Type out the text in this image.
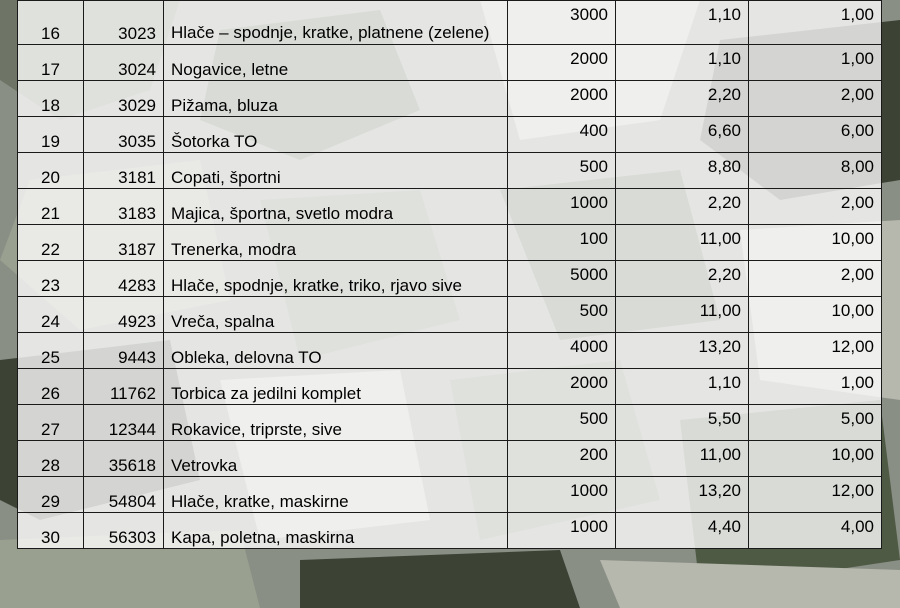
16	3023	Hlače – spodnje, kratke, platnene (zelene)	3000	1,10	1,00
17	3024	Nogavice, letne	2000	1,10	1,00
18	3029	Pižama, bluza	2000	2,20	2,00
19	3035	Šotorka TO	400	6,60	6,00
20	3181	Copati, športni	500	8,80	8,00
21	3183	Majica, športna, svetlo modra	1000	2,20	2,00
22	3187	Trenerka, modra	100	11,00	10,00
23	4283	Hlače, spodnje, kratke, triko, rjavo sive	5000	2,20	2,00
24	4923	Vreča, spalna	500	11,00	10,00
25	9443	Obleka, delovna TO	4000	13,20	12,00
26	11762	Torbica za jedilni komplet	2000	1,10	1,00
27	12344	Rokavice, triprste, sive	500	5,50	5,00
28	35618	Vetrovka	200	11,00	10,00
29	54804	Hlače, kratke, maskirne	1000	13,20	12,00
30	56303	Kapa, poletna, maskirna	1000	4,40	4,00
